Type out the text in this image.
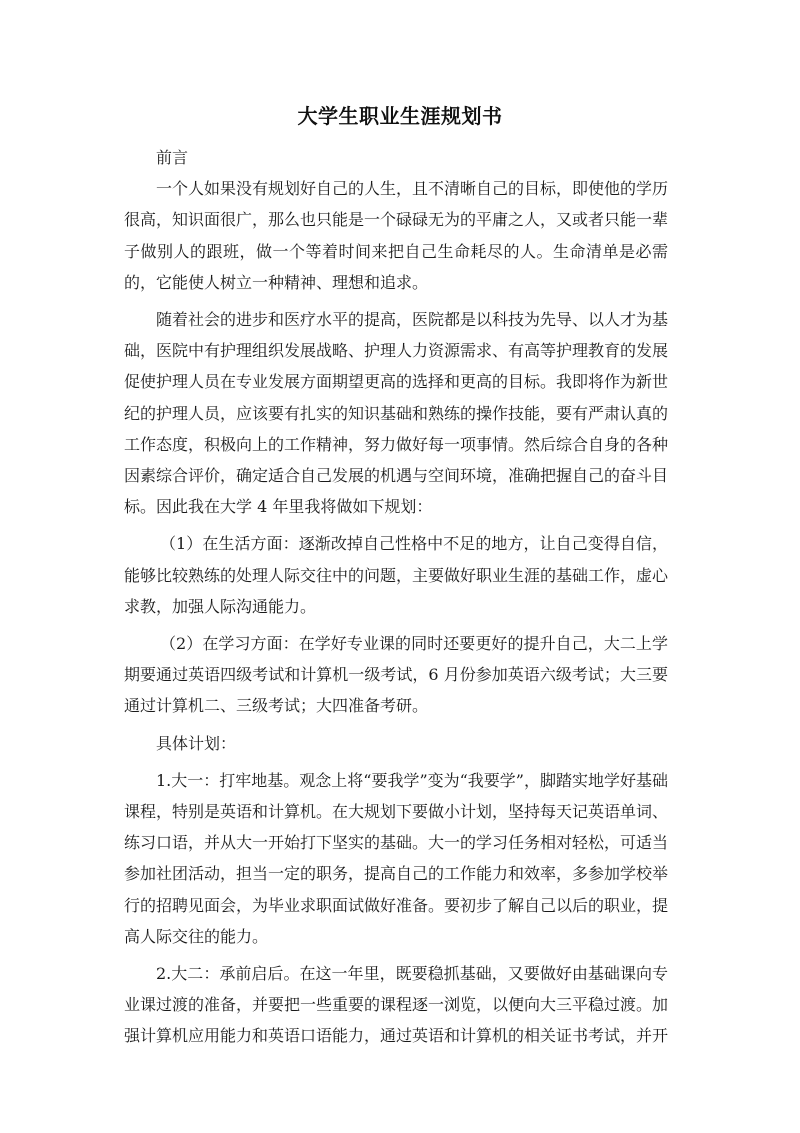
大学生职业生涯规划书

前言

一个人如果没有规划好自己的人生，且不清晰自己的目标，即使他的学历很高，知识面很广，那么也只能是一个碌碌无为的平庸之人，又或者只能一辈子做别人的跟班，做一个等着时间来把自己生命耗尽的人。生命清单是必需的，它能使人树立一种精神、理想和追求。

随着社会的进步和医疗水平的提高，医院都是以科技为先导、以人才为基础，医院中有护理组织发展战略、护理人力资源需求、有高等护理教育的发展促使护理人员在专业发展方面期望更高的选择和更高的目标。我即将作为新世纪的护理人员，应该要有扎实的知识基础和熟练的操作技能，要有严肃认真的工作态度，积极向上的工作精神，努力做好每一项事情。然后综合自身的各种因素综合评价，确定适合自己发展的机遇与空间环境，准确把握自己的奋斗目标。因此我在大学 4 年里我将做如下规划：

（1）在生活方面：逐渐改掉自己性格中不足的地方，让自己变得自信，能够比较熟练的处理人际交往中的问题，主要做好职业生涯的基础工作，虚心求教，加强人际沟通能力。

（2）在学习方面：在学好专业课的同时还要更好的提升自己，大二上学期要通过英语四级考试和计算机一级考试，6 月份参加英语六级考试；大三要通过计算机二、三级考试；大四准备考研。

具体计划：

1.大一：打牢地基。观念上将“要我学”变为“我要学”，脚踏实地学好基础课程，特别是英语和计算机。在大规划下要做小计划，坚持每天记英语单词、练习口语，并从大一开始打下坚实的基础。大一的学习任务相对轻松，可适当参加社团活动，担当一定的职务，提高自己的工作能力和效率，多参加学校举行的招聘见面会，为毕业求职面试做好准备。要初步了解自己以后的职业，提高人际交往的能力。

2.大二：承前启后。在这一年里，既要稳抓基础，又要做好由基础课向专业课过渡的准备，并要把一些重要的课程逐一浏览，以便向大三平稳过渡。加强计算机应用能力和英语口语能力，通过英语和计算机的相关证书考试，并开
